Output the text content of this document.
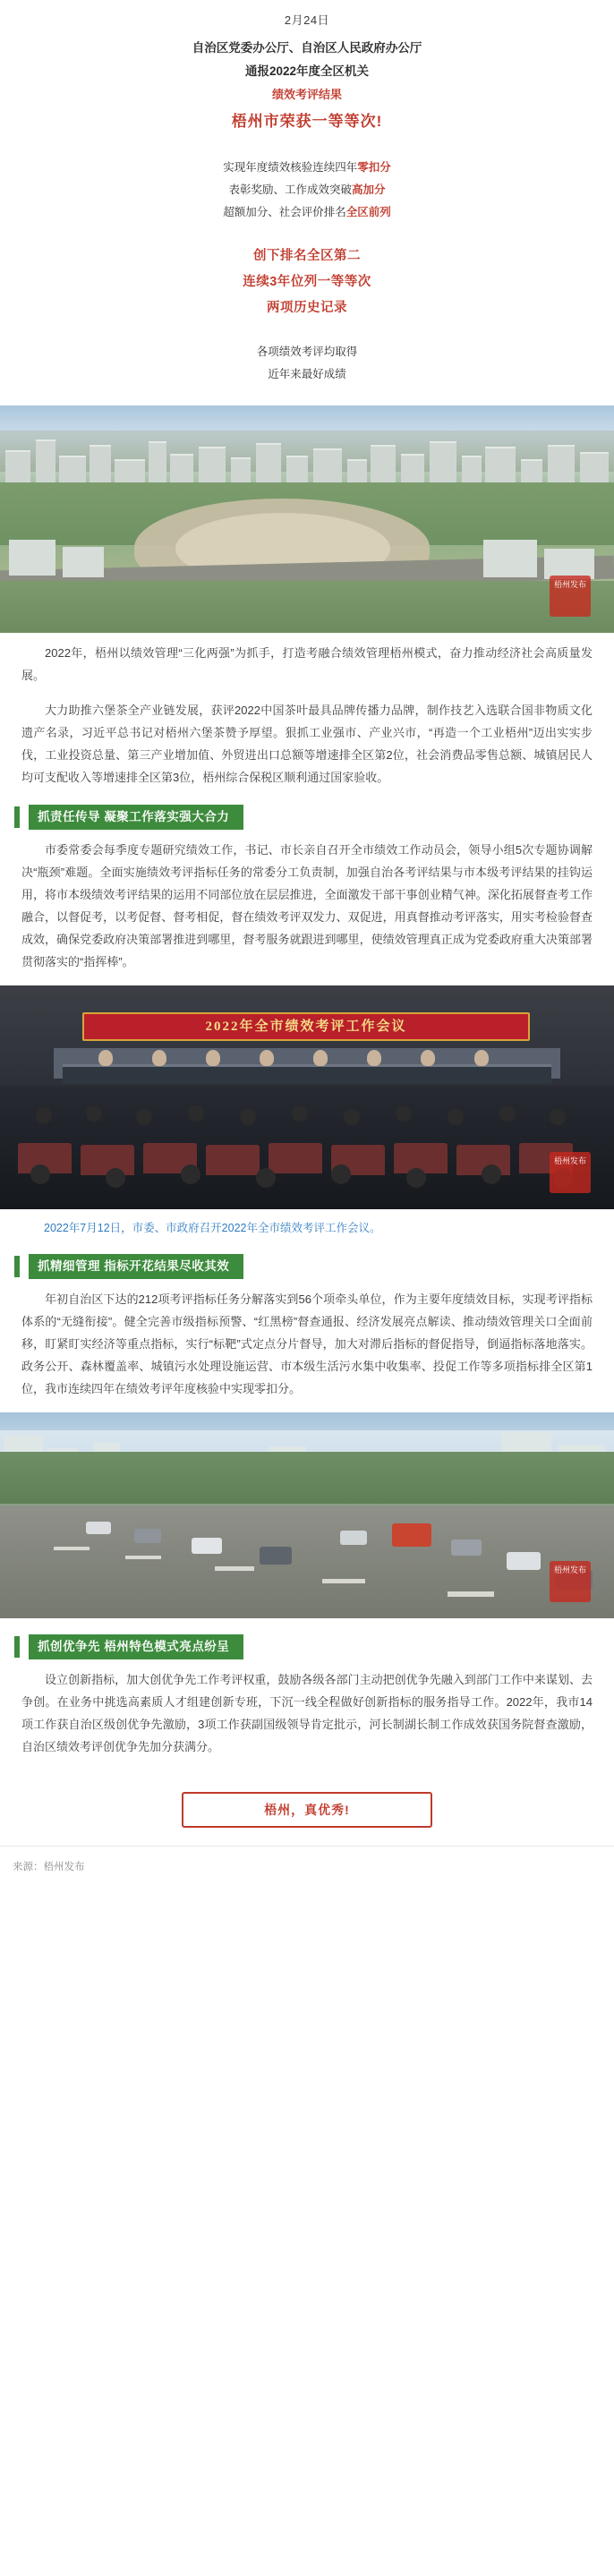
2月24日
自治区党委办公厅、自治区人民政府办公厅
通报2022年度全区机关
绩效考评结果
梧州市荣获一等等次!

实现年度绩效核验连续四年零扣分

表彰奖励、工作成效突破高加分

超额加分、社会评价排名全区前列

创下排名全区第二

连续3年位列一等等次

两项历史记录

各项绩效考评均取得

近年来最好成绩

梧州发布
2022年，梧州以绩效管理“三化两强”为抓手，打造考融合绩效管理梧州模式，奋力推动经济社会高质量发展。
大力助推六堡茶全产业链发展，获评2022中国茶叶最具品牌传播力品牌，制作技艺入选联合国非物质文化遗产名录，习近平总书记对梧州六堡茶赞予厚望。狠抓工业强市、产业兴市，“再造一个工业梧州”迈出实实步伐，工业投资总量、第三产业增加值、外贸进出口总额等增速排全区第2位，社会消费品零售总额、城镇居民人均可支配收入等增速排全区第3位，梧州综合保税区顺利通过国家验收。
抓责任传导 凝聚工作落实强大合力
市委常委会每季度专题研究绩效工作，书记、市长亲自召开全市绩效工作动员会，领导小组5次专题协调解决“瓶颈”难题。全面实施绩效考评指标任务的常委分工负责制，加强自治各考评结果与市本级考评结果的挂钩运用，将市本级绩效考评结果的运用不同部位放在层层推进，全面激发干部干事创业精气神。深化拓展督查考工作融合，以督促考，以考促督、督考相促，督在绩效考评双发力、双促进，用真督推动考评落实，用实考检验督查成效，确保党委政府决策部署推进到哪里，督考服务就跟进到哪里，使绩效管理真正成为党委政府重大决策部署贯彻落实的“指挥棒”。
2022年全市绩效考评工作会议
梧州发布
2022年7月12日，市委、市政府召开2022年全市绩效考评工作会议。
抓精细管理 指标开花结果尽收其效
年初自治区下达的212项考评指标任务分解落实到56个项牵头单位，作为主要年度绩效目标，实现考评指标体系的“无缝衔接”。健全完善市级指标预警、“红黑榜”督查通报、经济发展亮点解读、推动绩效管理关口全面前移，盯紧盯实经济等重点指标，实行“标靶”式定点分片督导，加大对滞后指标的督促指导，倒逼指标落地落实。政务公开、森林覆盖率、城镇污水处理设施运营、市本级生活污水集中收集率、投促工作等多项指标排全区第1位，我市连续四年在绩效考评年度核验中实现零扣分。
梧州发布
抓创优争先 梧州特色模式亮点纷呈
设立创新指标，加大创优争先工作考评权重，鼓励各级各部门主动把创优争先融入到部门工作中来谋划、去争创。在业务中挑选高素质人才组建创新专班，下沉一线全程做好创新指标的服务指导工作。2022年，我市14项工作获自治区级创优争先激励，3项工作获副国级领导肯定批示，河长制湖长制工作成效获国务院督查激励，自治区绩效考评创优争先加分获满分。
梧州，真优秀!
来源：梧州发布
